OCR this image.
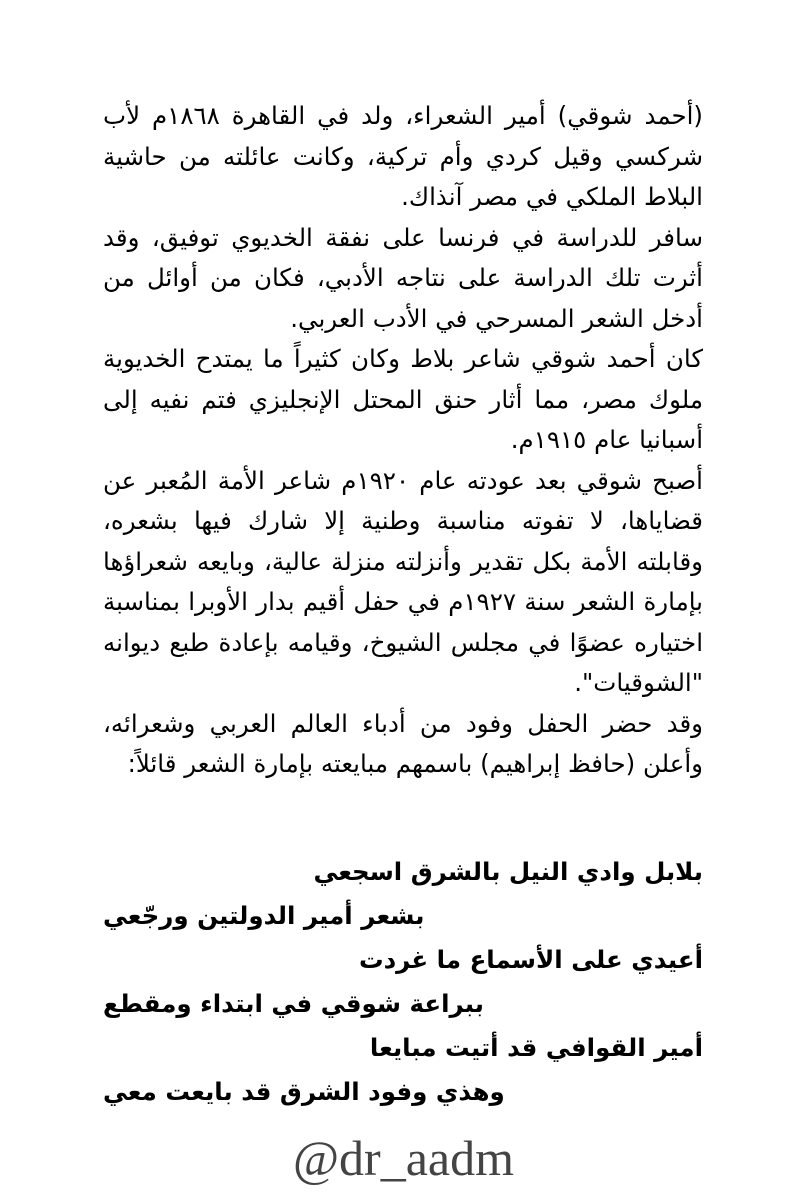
(أحمد شوقي) أمير الشعراء، ولد في القاهرة ١٨٦٨م لأب شركسي وقيل كردي وأم تركية، وكانت عائلته من حاشية البلاط الملكي في مصر آنذاك.

سافر للدراسة في فرنسا على نفقة الخديوي توفيق، وقد أثرت تلك الدراسة على نتاجه الأدبي، فكان من أوائل من أدخل الشعر المسرحي في الأدب العربي.

كان أحمد شوقي شاعر بلاط وكان كثيراً ما يمتدح الخديوية ملوك مصر، مما أثار حنق المحتل الإنجليزي فتم نفيه إلى أسبانيا عام ١٩١٥م.

أصبح شوقي بعد عودته عام ١٩٢٠م شاعر الأمة المُعبر عن قضاياها، لا تفوته مناسبة وطنية إلا شارك فيها بشعره، وقابلته الأمة بكل تقدير وأنزلته منزلة عالية، وبايعه شعراؤها بإمارة الشعر سنة ١٩٢٧م في حفل أقيم بدار الأوبرا بمناسبة اختياره عضوًا في مجلس الشيوخ، وقيامه بإعادة طبع ديوانه "الشوقيات".

وقد حضر الحفل وفود من أدباء العالم العربي وشعرائه، وأعلن (حافظ إبراهيم) باسمهم مبايعته بإمارة الشعر قائلاً:

بلابل وادي النيل بالشرق اسجعي
بشعر أمير الدولتين ورجّعي
أعيدي على الأسماع ما غردت
ببراعة شوقي في ابتداء ومقطع
أمير القوافي قد أتيت مبايعا
وهذي وفود الشرق قد بايعت معي
@dr_aadm
